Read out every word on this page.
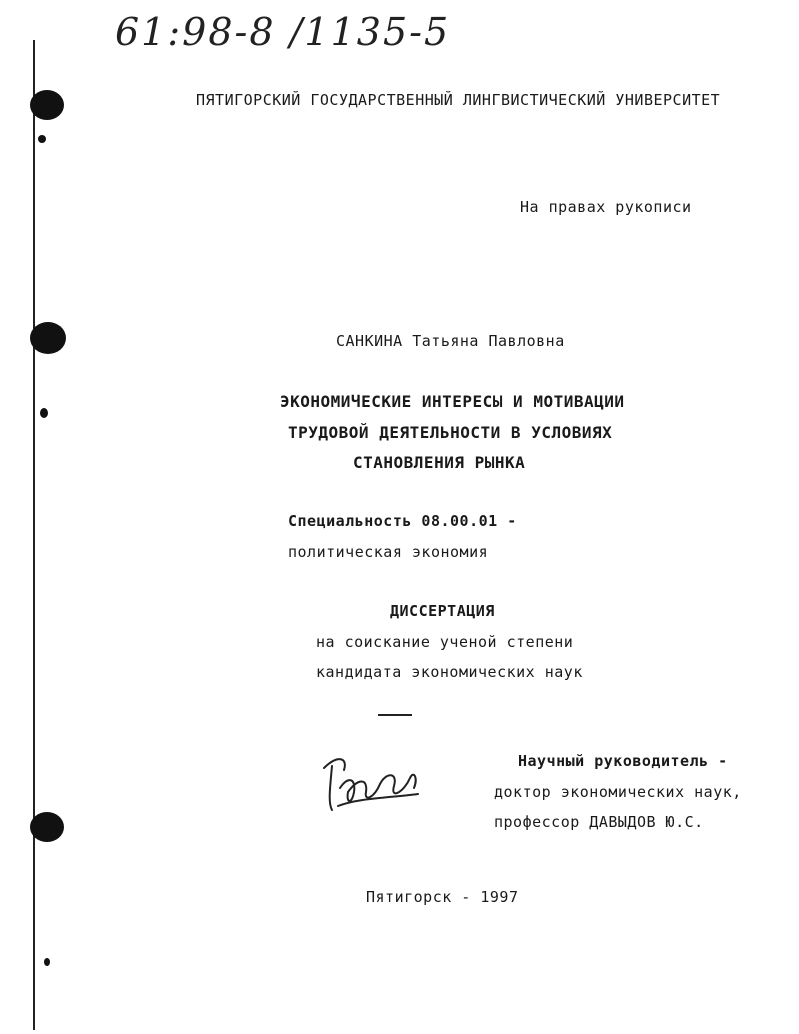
61:98-8 /1135-5
ПЯТИГОРСКИЙ ГОСУДАРСТВЕННЫЙ ЛИНГВИСТИЧЕСКИЙ УНИВЕРСИТЕТ
На правах рукописи
САНКИНА Татьяна Павловна
ЭКОНОМИЧЕСКИЕ ИНТЕРЕСЫ И МОТИВАЦИИ
ТРУДОВОЙ ДЕЯТЕЛЬНОСТИ В УСЛОВИЯХ
СТАНОВЛЕНИЯ РЫНКА
Специальность 08.00.01 -
политическая экономия
ДИССЕРТАЦИЯ
на соискание ученой степени
кандидата экономических наук
Научный руководитель -
доктор экономических наук,
профессор ДАВЫДОВ Ю.С.
Пятигорск - 1997
